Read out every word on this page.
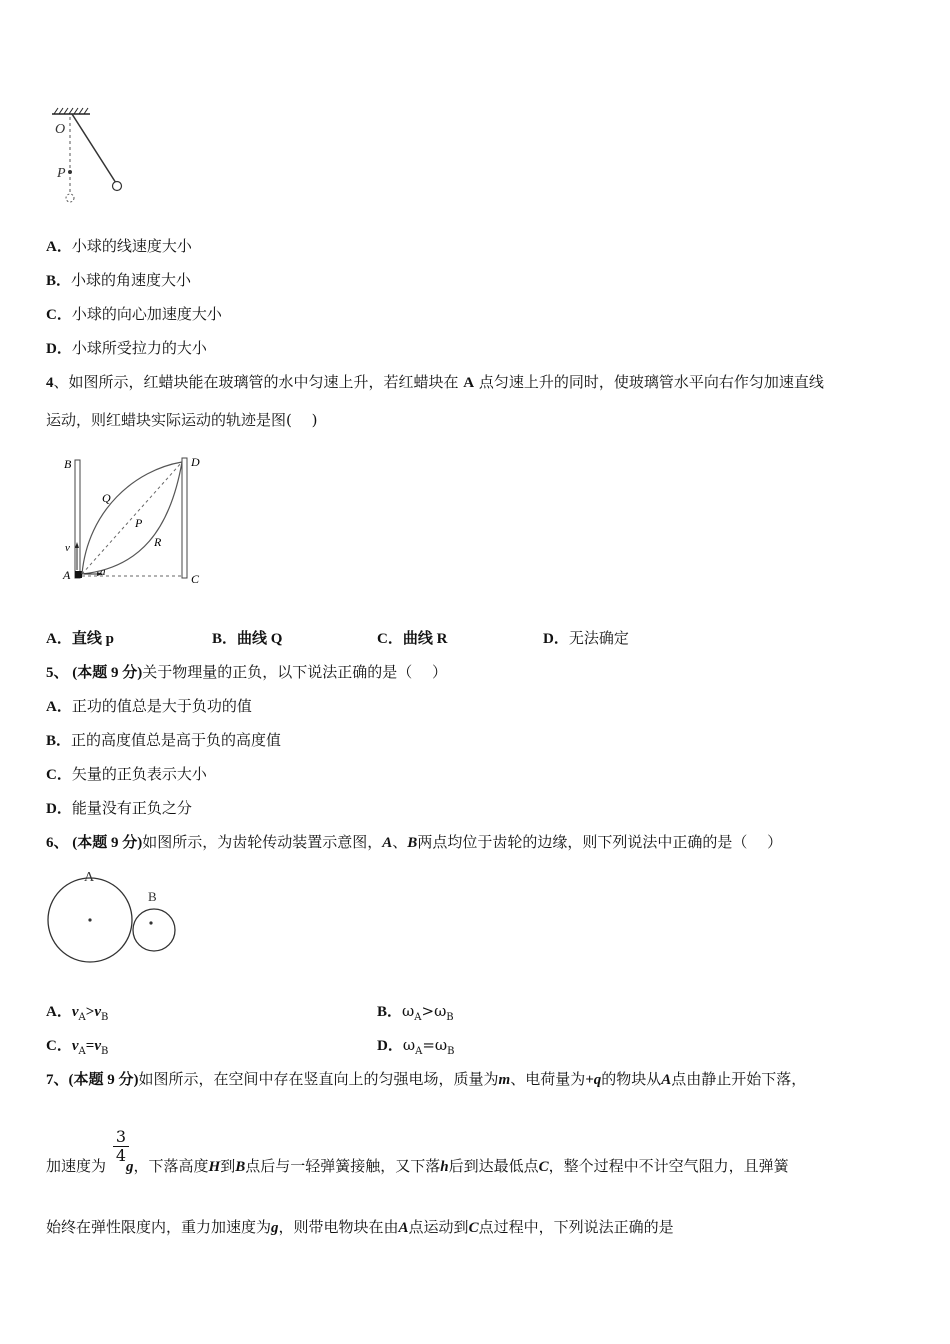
O
P
A．小球的线速度大小
B．小球的角速度大小
C．小球的向心加速度大小
D．小球所受拉力的大小
4、如图所示，红蜡块能在玻璃管的水中匀速上升，若红蜡块在 A 点匀速上升的同时，使玻璃管水平向右作匀加速直线
运动，则红蜡块实际运动的轨迹是图(　 )
B	D
Q
P
R
v
A	a	C
A．直线 p	B．曲线 Q	C．曲线 R	D．无法确定
5、 (本题 9 分)关于物理量的正负，以下说法正确的是（　 ）
A．正功的值总是大于负功的值
B．正的高度值总是高于负的高度值
C．矢量的正负表示大小
D．能量没有正负之分
6、 (本题 9 分)如图所示，为齿轮传动装置示意图，A、B两点均位于齿轮的边缘，则下列说法中正确的是（　 ）
A
B
A．$v_A>v_B$	B．$\omega_A>\omega_B$
C．$v_A=v_B$	D．$\omega_A=\omega_B$
7、(本题 9 分)如图所示，在空间中存在竖直向上的匀强电场，质量为m、电荷量为+q的物块从A点由静止开始下落，
3
4
加速度为 g，下落高度H到B点后与一轻弹簧接触，又下落h后到达最低点C，整个过程中不计空气阻力，且弹簧
始终在弹性限度内，重力加速度为g，则带电物块在由A点运动到C点过程中，下列说法正确的是
